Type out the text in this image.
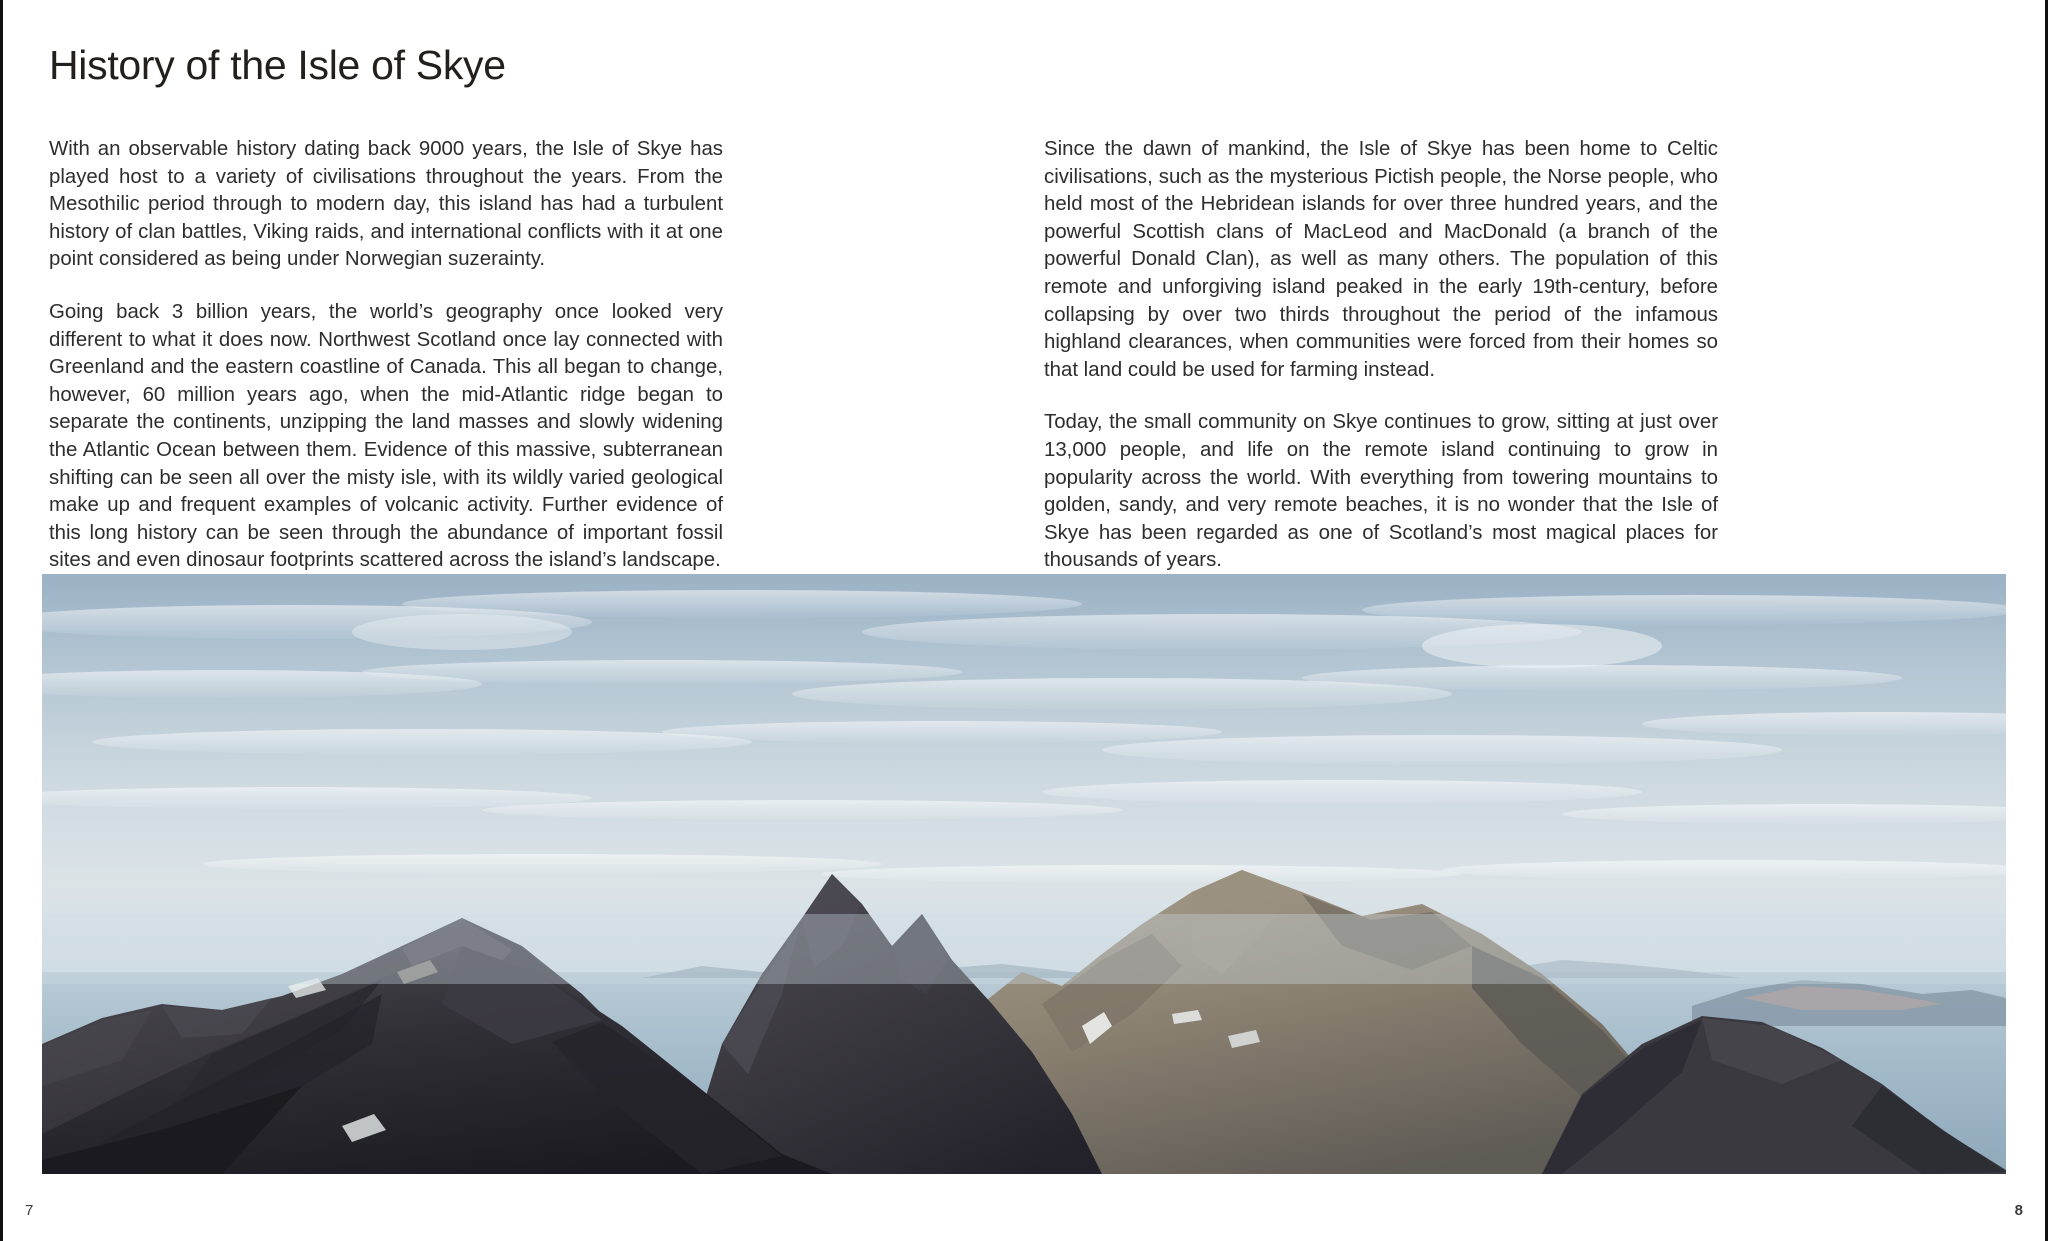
History of the Isle of Skye

With an observable history dating back 9000 years, the Isle of Skye has played host to a variety of civilisations throughout the years. From the Mesothilic period through to modern day, this island has had a turbulent history of clan battles, Viking raids, and international conflicts with it at one point considered as being under Norwegian suzerainty.

Going back 3 billion years, the world’s geography once looked very different to what it does now. Northwest Scotland once lay connected with Greenland and the eastern coastline of Canada. This all began to change, however, 60 million years ago, when the mid-Atlantic ridge began to separate the continents, unzipping the land masses and slowly widening the Atlantic Ocean between them. Evidence of this massive, subterranean shifting can be seen all over the misty isle, with its wildly varied geological make up and frequent examples of volcanic activity. Further evidence of this long history can be seen through the abundance of important fossil sites and even dinosaur footprints scattered across the island’s landscape.

7

Since the dawn of mankind, the Isle of Skye has been home to Celtic civilisations, such as the mysterious Pictish people, the Norse people, who held most of the Hebridean islands for over three hundred years, and the powerful Scottish clans of MacLeod and MacDonald (a branch of the powerful Donald Clan), as well as many others. The population of this remote and unforgiving island peaked in the early 19th-century, before collapsing by over two thirds throughout the period of the infamous highland clearances, when communities were forced from their homes so that land could be used for farming instead.

Today, the small community on Skye continues to grow, sitting at just over 13,000 people, and life on the remote island continuing to grow in popularity across the world. With everything from towering mountains to golden, sandy, and very remote beaches, it is no wonder that the Isle of Skye has been regarded as one of Scotland’s most magical places for thousands of years.

8
